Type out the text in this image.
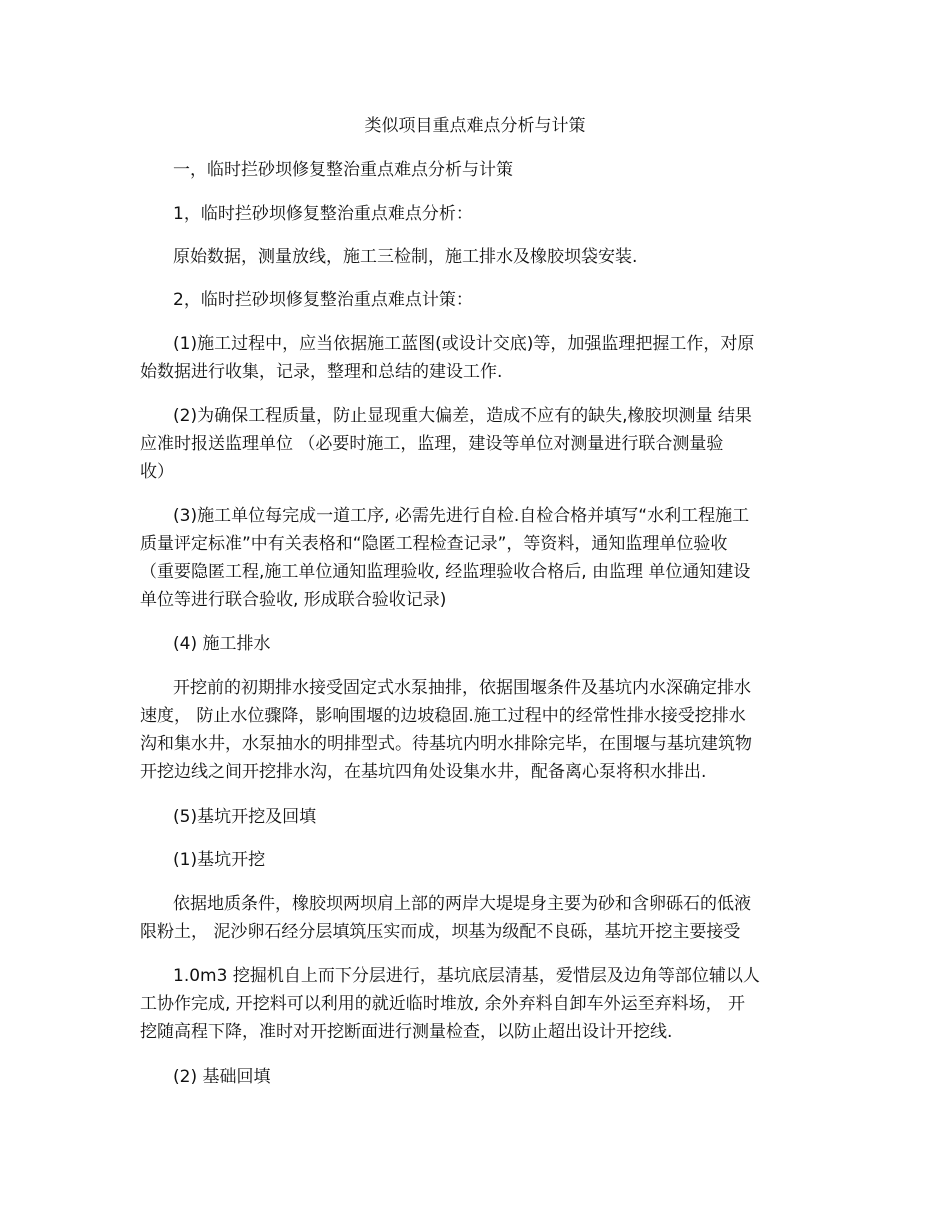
类似项目重点难点分析与计策
一，临时拦砂坝修复整治重点难点分析与计策
1，临时拦砂坝修复整治重点难点分析：
原始数据，测量放线，施工三检制，施工排水及橡胶坝袋安装.
2，临时拦砂坝修复整治重点难点计策：
(1)施工过程中，应当依据施工蓝图(或设计交底)等，加强监理把握工作，对原
始数据进行收集，记录，整理和总结的建设工作.
(2)为确保工程质量，防止显现重大偏差，造成不应有的缺失,橡胶坝测量 结果
应准时报送监理单位 （必要时施工，监理，建设等单位对测量进行联合测量验
收）
(3)施工单位每完成一道工序, 必需先进行自检.自检合格并填写“水利工程施工
质量评定标准”中有关表格和“隐匿工程检查记录”，等资料，通知监理单位验收
（重要隐匿工程,施工单位通知监理验收, 经监理验收合格后, 由监理 单位通知建设
单位等进行联合验收, 形成联合验收记录)
(4) 施工排水
开挖前的初期排水接受固定式水泵抽排，依据围堰条件及基坑内水深确定排水
速度， 防止水位骤降，影响围堰的边坡稳固.施工过程中的经常性排水接受挖排水
沟和集水井，水泵抽水的明排型式。待基坑内明水排除完毕，在围堰与基坑建筑物
开挖边线之间开挖排水沟，在基坑四角处设集水井，配备离心泵将积水排出.
(5)基坑开挖及回填
(1)基坑开挖
依据地质条件，橡胶坝两坝肩上部的两岸大堤堤身主要为砂和含卵砾石的低液
限粉土， 泥沙卵石经分层填筑压实而成，坝基为级配不良砾，基坑开挖主要接受
1.0m3 挖掘机自上而下分层进行，基坑底层清基，爱惜层及边角等部位辅以人
工协作完成, 开挖料可以利用的就近临时堆放, 余外弃料自卸车外运至弃料场， 开
挖随高程下降，准时对开挖断面进行测量检查，以防止超出设计开挖线.
(2) 基础回填
